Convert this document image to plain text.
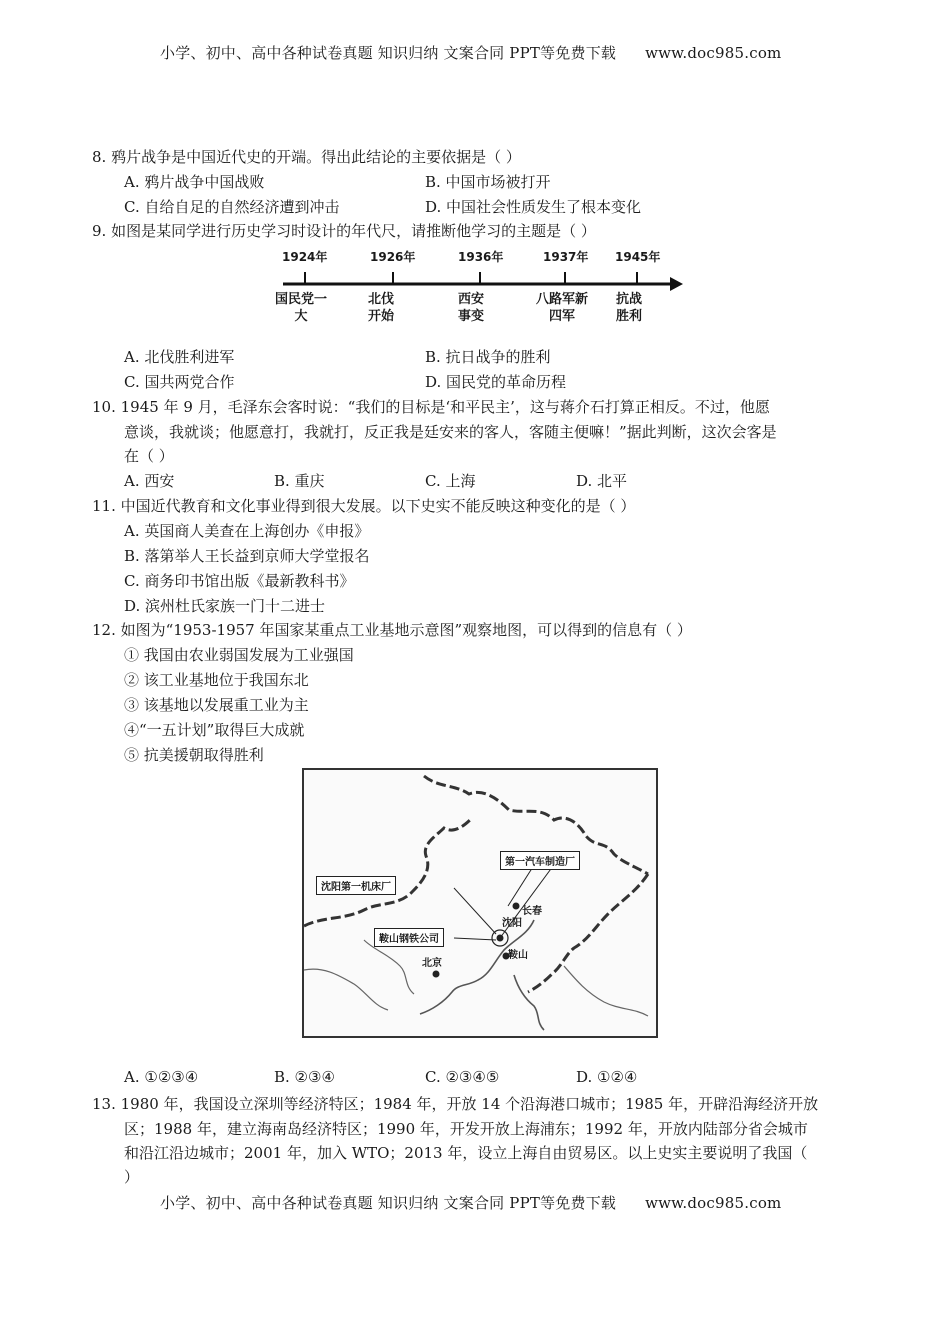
小学、初中、高中各种试卷真题 知识归纳 文案合同 PPT等免费下载 www.doc985.com
8. 鸦片战争是中国近代史的开端。得出此结论的主要依据是（ ）
A. 鸦片战争中国战败	B. 中国市场被打开
C. 自给自足的自然经济遭到冲击	D. 中国社会性质发生了根本变化
9. 如图是某同学进行历史学习时设计的年代尺，请推断他学习的主题是（ ）
1924年	1926年	1936年	1937年 1945年
国民党一大
北伐开始
西安事变
八路军新四军
抗战胜利
A. 北伐胜利进军	B. 抗日战争的胜利
C. 国共两党合作	D. 国民党的革命历程
10. 1945 年 9 月，毛泽东会客时说：“我们的目标是‘和平民主’，这与蒋介石打算正相反。不过，他愿
意谈，我就谈；他愿意打，我就打，反正我是廷安来的客人，客随主便嘛！”据此判断，这次会客是
在（ ）
A. 西安	B. 重庆	C. 上海	D. 北平
11. 中国近代教育和文化事业得到很大发展。以下史实不能反映这种变化的是（ ）
A. 英国商人美查在上海创办《申报》
B. 落第举人王长益到京师大学堂报名
C. 商务印书馆出版《最新教科书》
D. 滨州杜氏家族一门十二进士
12. 如图为“1953-1957 年国家某重点工业基地示意图”观察地图，可以得到的信息有（ ）
① 我国由农业弱国发展为工业强国
② 该工业基地位于我国东北
③ 该基地以发展重工业为主
④“一五计划”取得巨大成就
⑤ 抗美援朝取得胜利
第一汽车制造厂
沈阳第一机床厂
鞍山钢铁公司
长春
沈阳
北京
鞍山
A. ①②③④	B. ②③④	C. ②③④⑤	D. ①②④
13. 1980 年，我国设立深圳等经济特区；1984 年，开放 14 个沿海港口城市；1985 年，开辟沿海经济开放
区；1988 年，建立海南岛经济特区；1990 年，开发开放上海浦东；1992 年，开放内陆部分省会城市
和沿江沿边城市；2001 年，加入 WTO；2013 年，设立上海自由贸易区。以上史实主要说明了我国（
）
小学、初中、高中各种试卷真题 知识归纳 文案合同 PPT等免费下载 www.doc985.com
